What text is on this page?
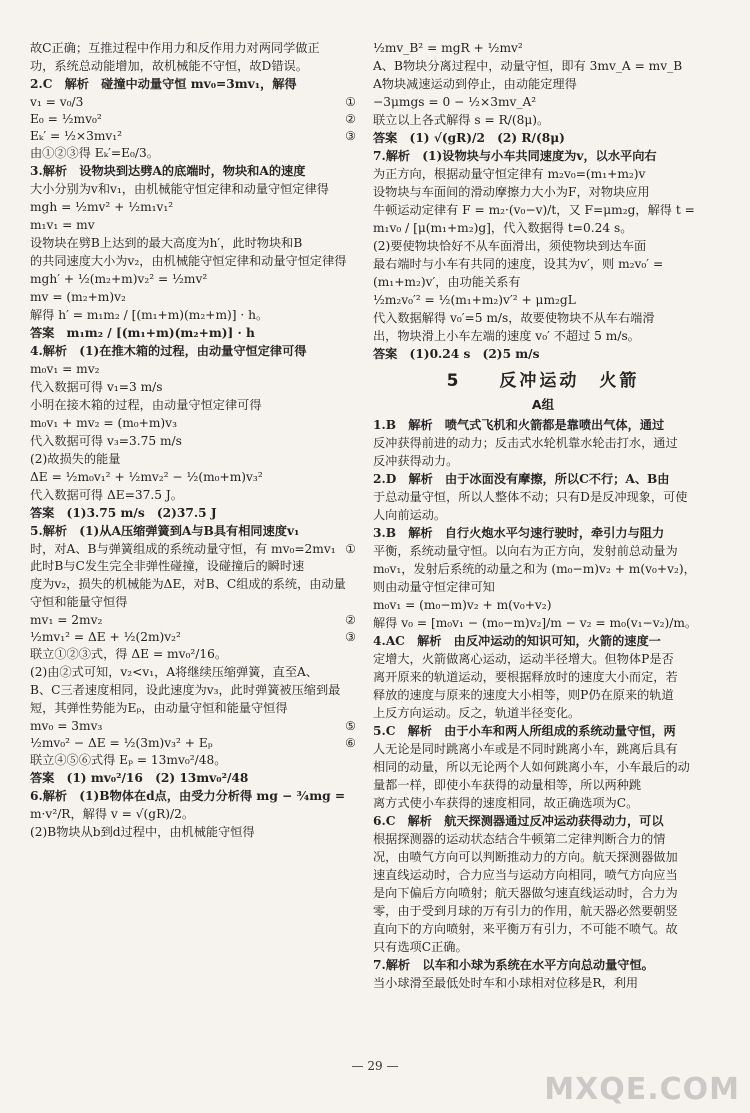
故C正确；互推过程中作用力和反作用力对两同学做正
功，系统总动能增加，故机械能不守恒，故D错误。
2.C　解析　碰撞中动量守恒 mv₀=3mv₁，解得
v₁ = v₀/3	①
E₀ = ½mv₀²	②
Eₖ′ = ½×3mv₁²	③
由①②③得 Eₖ′=E₀/3。
3.解析　设物块到达劈A的底端时，物块和A的速度
大小分别为v和v₁，由机械能守恒定律和动量守恒定律得
mgh = ½mv² + ½m₁v₁²
m₁v₁ = mv
设物块在劈B上达到的最大高度为h′，此时物块和B
的共同速度大小为v₂，由机械能守恒定律和动量守恒定律得
mgh′ + ½(m₂+m)v₂² = ½mv²
mv = (m₂+m)v₂
解得 h′ = m₁m₂ / [(m₁+m)(m₂+m)] · h。
答案　m₁m₂ / [(m₁+m)(m₂+m)] · h
4.解析　(1)在推木箱的过程，由动量守恒定律可得
m₀v₁ = mv₂
代入数据可得 v₁=3 m/s
小明在接木箱的过程，由动量守恒定律可得
m₀v₁ + mv₂ = (m₀+m)v₃
代入数据可得 v₃=3.75 m/s
(2)故损失的能量
ΔE = ½m₀v₁² + ½mv₂² − ½(m₀+m)v₃²
代入数据可得 ΔE=37.5 J。
答案　(1)3.75 m/s　(2)37.5 J
5.解析　(1)从A压缩弹簧到A与B具有相同速度v₁
时，对A、B与弹簧组成的系统动量守恒，有 mv₀=2mv₁ ①
此时B与C发生完全非弹性碰撞，设碰撞后的瞬时速
度为v₂，损失的机械能为ΔE，对B、C组成的系统，由动量
守恒和能量守恒得
mv₁ = 2mv₂	②
½mv₁² = ΔE + ½(2m)v₂²	③
联立①②③式，得 ΔE = mv₀²/16。
(2)由②式可知，v₂<v₁，A将继续压缩弹簧，直至A、
B、C三者速度相同，设此速度为v₃，此时弹簧被压缩到最
短，其弹性势能为Eₚ，由动量守恒和能量守恒得
mv₀ = 3mv₃	⑤
½mv₀² − ΔE = ½(3m)v₃² + Eₚ	⑥
联立④⑤⑥式得 Eₚ = 13mv₀²/48。
答案　(1) mv₀²/16　(2) 13mv₀²/48
6.解析　(1)B物体在d点，由受力分析得 mg − ¾mg =
m·v²/R，解得 v = √(gR)/2。
(2)B物块从b到d过程中，由机械能守恒得
½mv_B² = mgR + ½mv²
A、B物块分离过程中，动量守恒，即有 3mv_A = mv_B
A物块减速运动到停止，由动能定理得
−3μmgs = 0 − ½×3mv_A²
联立以上各式解得 s = R/(8μ)。
答案　(1) √(gR)/2　(2) R/(8μ)
7.解析　(1)设物块与小车共同速度为v，以水平向右
为正方向，根据动量守恒定律有 m₂v₀=(m₁+m₂)v
设物块与车面间的滑动摩擦力大小为F，对物块应用
牛顿运动定律有 F = m₂·(v₀−v)/t，又 F=μm₂g，解得 t =
m₁v₀ / [μ(m₁+m₂)g]，代入数据得 t=0.24 s。
(2)要使物块恰好不从车面滑出，须使物块到达车面
最右端时与小车有共同的速度，设其为v′，则 m₂v₀′ =
(m₁+m₂)v′，由功能关系有
½m₂v₀′² = ½(m₁+m₂)v′² + μm₂gL
代入数据解得 v₀′=5 m/s，故要使物块不从车右端滑
出，物块滑上小车左端的速度 v₀′ 不超过 5 m/s。
答案　(1)0.24 s　(2)5 m/s
5 　 反冲运动　火箭
A组
1.B　解析　喷气式飞机和火箭都是靠喷出气体，通过
反冲获得前进的动力；反击式水轮机靠水轮击打水，通过
反冲获得动力。
2.D　解析　由于冰面没有摩擦，所以C不行；A、B由
于总动量守恒，所以人整体不动；只有D是反冲现象，可使
人向前运动。
3.B　解析　自行火炮水平匀速行驶时，牵引力与阻力
平衡，系统动量守恒。以向右为正方向，发射前总动量为
m₀v₁，发射后系统的动量之和为 (m₀−m)v₂ + m(v₀+v₂)，
则由动量守恒定律可知
m₀v₁ = (m₀−m)v₂ + m(v₀+v₂)
解得 v₀ = [m₀v₁ − (m₀−m)v₂]/m − v₂ = m₀(v₁−v₂)/m。
4.AC　解析　由反冲运动的知识可知，火箭的速度一
定增大，火箭做离心运动，运动半径增大。但物体P是否
离开原来的轨道运动，要根据释放时的速度大小而定，若
释放的速度与原来的速度大小相等，则P仍在原来的轨道
上反方向运动。反之，轨道半径变化。
5.C　解析　由于小车和两人所组成的系统动量守恒，两
人无论是同时跳离小车或是不同时跳离小车，跳离后具有
相同的动量，所以无论两个人如何跳离小车，小车最后的动
量都一样，即使小车获得的动量相等，所以两种跳
离方式使小车获得的速度相同，故正确选项为C。
6.C　解析　航天探测器通过反冲运动获得动力，可以
根据探测器的运动状态结合牛顿第二定律判断合力的情
况，由喷气方向可以判断推动力的方向。航天探测器做加
速直线运动时，合力应当与运动方向相同，喷气方向应当
是向下偏后方向喷射；航天器做匀速直线运动时，合力为
零，由于受到月球的万有引力的作用，航天器必然要朝竖
直向下的方向喷射，来平衡万有引力，不可能不喷气。故
只有选项C正确。
7.解析　以车和小球为系统在水平方向总动量守恒。
当小球滑至最低处时车和小球相对位移是R，利用
— 29 —
MXQE.COM
